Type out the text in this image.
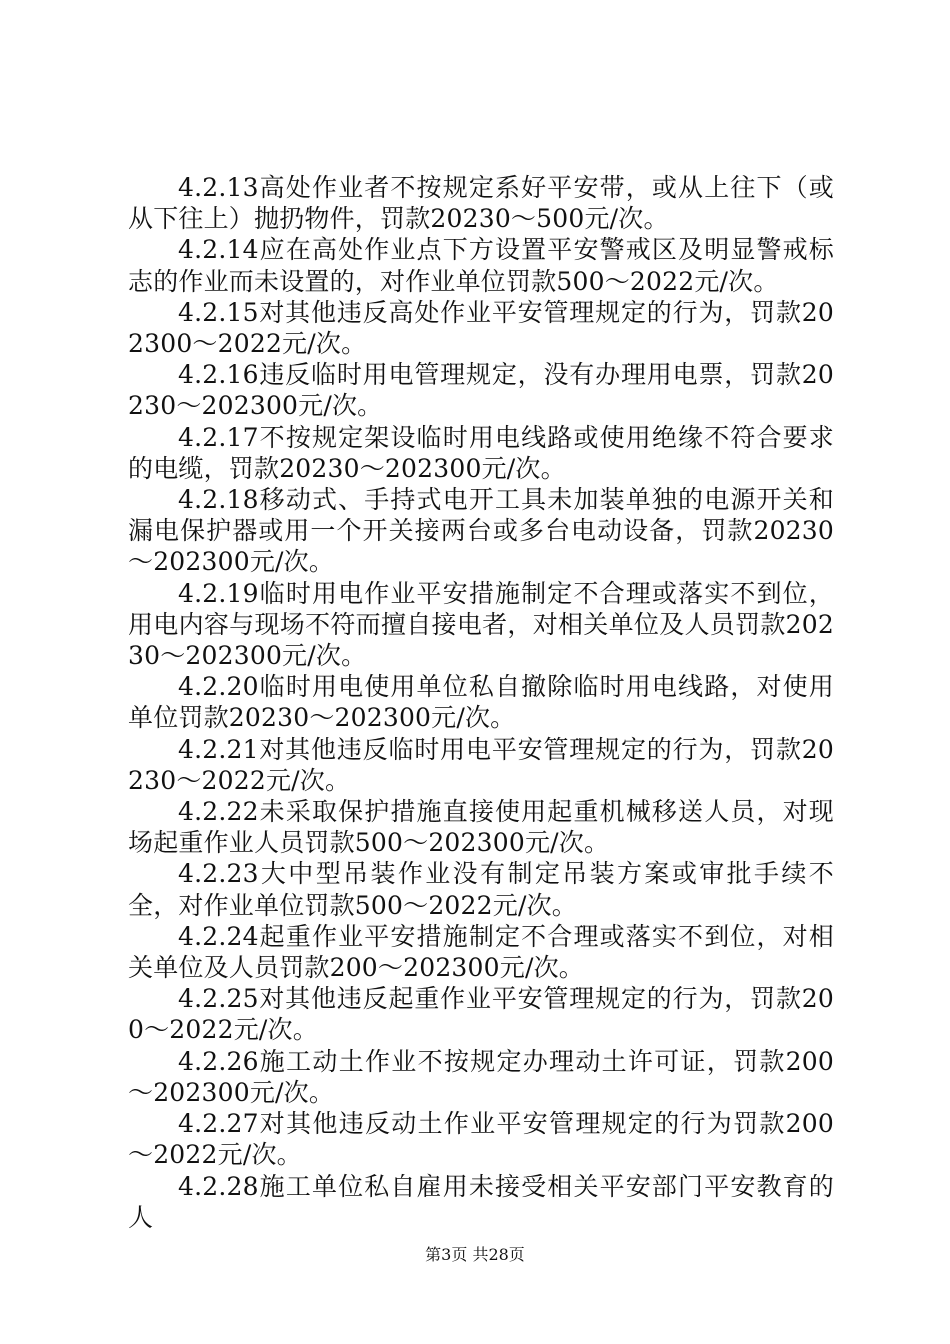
4.2.13高处作业者不按规定系好平安带，或从上往下（或从下往上）抛扔物件，罚款20230～500元/次。

4.2.14应在高处作业点下方设置平安警戒区及明显警戒标志的作业而未设置的，对作业单位罚款500～2022元/次。

4.2.15对其他违反高处作业平安管理规定的行为，罚款202300～2022元/次。

4.2.16违反临时用电管理规定，没有办理用电票，罚款20230～202300元/次。

4.2.17不按规定架设临时用电线路或使用绝缘不符合要求的电缆，罚款20230～202300元/次。

4.2.18移动式、手持式电开工具未加装单独的电源开关和漏电保护器或用一个开关接两台或多台电动设备，罚款20230～202300元/次。

4.2.19临时用电作业平安措施制定不合理或落实不到位，用电内容与现场不符而擅自接电者，对相关单位及人员罚款20230～202300元/次。

4.2.20临时用电使用单位私自撤除临时用电线路，对使用单位罚款20230～202300元/次。

4.2.21对其他违反临时用电平安管理规定的行为，罚款20230～2022元/次。

4.2.22未采取保护措施直接使用起重机械移送人员，对现场起重作业人员罚款500～202300元/次。

4.2.23大中型吊装作业没有制定吊装方案或审批手续不全，对作业单位罚款500～2022元/次。

4.2.24起重作业平安措施制定不合理或落实不到位，对相关单位及人员罚款200～202300元/次。

4.2.25对其他违反起重作业平安管理规定的行为，罚款200～2022元/次。

4.2.26施工动土作业不按规定办理动土许可证，罚款200～202300元/次。

4.2.27对其他违反动土作业平安管理规定的行为罚款200～2022元/次。

4.2.28施工单位私自雇用未接受相关平安部门平安教育的人

第3页 共28页
